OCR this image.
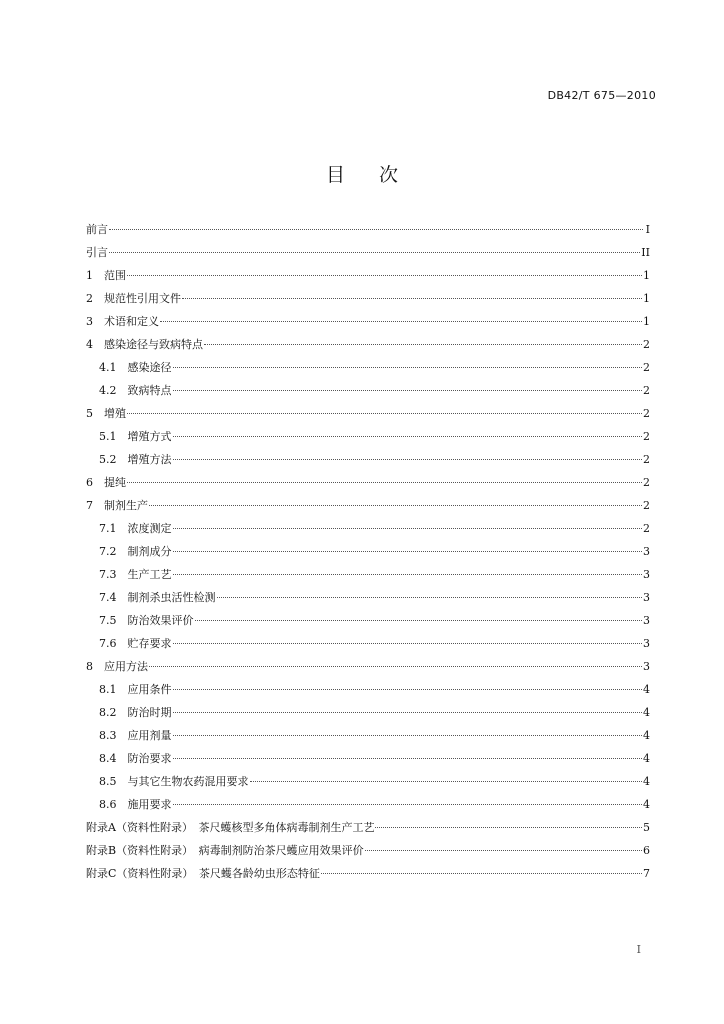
DB42/T 675—2010
目 次
前言	I
引言	II
1　 范围	1
2　 规范性引用文件	1
3　 术语和定义	1
4　 感染途径与致病特点	2
4.1　 感染途径	2
4.2　 致病特点	2
5　 增殖	2
5.1　 增殖方式	2
5.2　 增殖方法	2
6　 提纯	2
7　 制剂生产	2
7.1　 浓度测定	2
7.2　 制剂成分	3
7.3　 生产工艺	3
7.4　 制剂杀虫活性检测	3
7.5　 防治效果评价	3
7.6　 贮存要求	3
8　 应用方法	3
8.1　 应用条件	4
8.2　 防治时期	4
8.3　 应用剂量	4
8.4　 防治要求	4
8.5　 与其它生物农药混用要求	4
8.6　 施用要求	4
附录A（资料性附录）　 茶尺蠖核型多角体病毒制剂生产工艺	5
附录B（资料性附录）　 病毒制剂防治茶尺蠖应用效果评价	6
附录C（资料性附录）　 茶尺蠖各龄幼虫形态特征	7
I
